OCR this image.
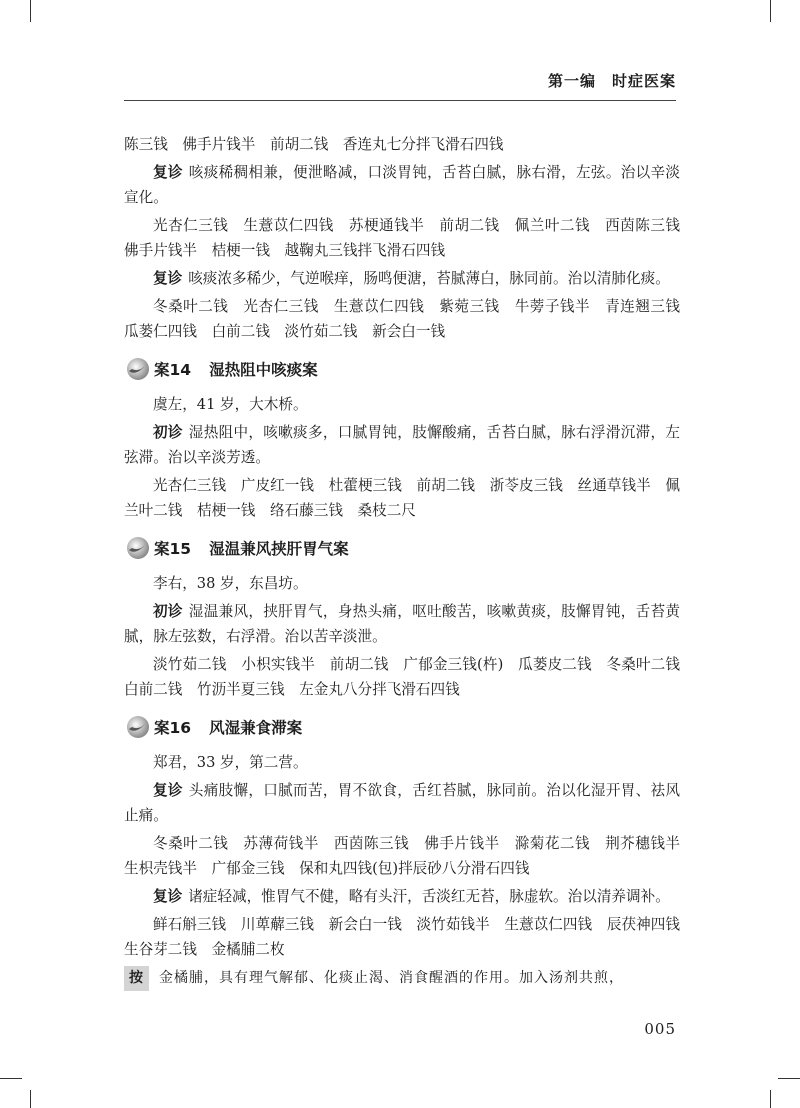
第一编　时症医案

陈三钱　佛手片钱半　前胡二钱　香连丸七分拌飞滑石四钱

复诊 咳痰稀稠相兼，便泄略减，口淡胃钝，舌苔白腻，脉右滑，左弦。治以辛淡宣化。

光杏仁三钱　生薏苡仁四钱　苏梗通钱半　前胡二钱　佩兰叶二钱　西茵陈三钱　佛手片钱半　桔梗一钱　越鞠丸三钱拌飞滑石四钱

复诊 咳痰浓多稀少，气逆喉痒，肠鸣便溏，苔腻薄白，脉同前。治以清肺化痰。

冬桑叶二钱　光杏仁三钱　生薏苡仁四钱　紫菀三钱　牛蒡子钱半　青连翘三钱　瓜蒌仁四钱　白前二钱　淡竹茹二钱　新会白一钱

案14 湿热阻中咳痰案

虞左，41 岁，大木桥。

初诊 湿热阻中，咳嗽痰多，口腻胃钝，肢懈酸痛，舌苔白腻，脉右浮滑沉滞，左弦滞。治以辛淡芳透。

光杏仁三钱　广皮红一钱　杜藿梗三钱　前胡二钱　浙苓皮三钱　丝通草钱半　佩兰叶二钱　桔梗一钱　络石藤三钱　桑枝二尺

案15 湿温兼风挟肝胃气案

李右，38 岁，东昌坊。

初诊 湿温兼风，挟肝胃气，身热头痛，呕吐酸苦，咳嗽黄痰，肢懈胃钝，舌苔黄腻，脉左弦数，右浮滑。治以苦辛淡泄。

淡竹茹二钱　小枳实钱半　前胡二钱　广郁金三钱(杵)　瓜蒌皮二钱　冬桑叶二钱　白前二钱　竹沥半夏三钱　左金丸八分拌飞滑石四钱

案16 风湿兼食滞案

郑君，33 岁，第二营。

复诊 头痛肢懈，口腻而苦，胃不欲食，舌红苔腻，脉同前。治以化湿开胃、祛风止痛。

冬桑叶二钱　苏薄荷钱半　西茵陈三钱　佛手片钱半　滁菊花二钱　荆芥穗钱半　生枳壳钱半　广郁金三钱　保和丸四钱(包)拌辰砂八分滑石四钱

复诊 诸症轻减，惟胃气不健，略有头汗，舌淡红无苔，脉虚软。治以清养调补。

鲜石斛三钱　川萆薢三钱　新会白一钱　淡竹茹钱半　生薏苡仁四钱　辰茯神四钱　生谷芽二钱　金橘脯二枚

按 金橘脯，具有理气解郁、化痰止渴、消食醒酒的作用。加入汤剂共煎，

005
